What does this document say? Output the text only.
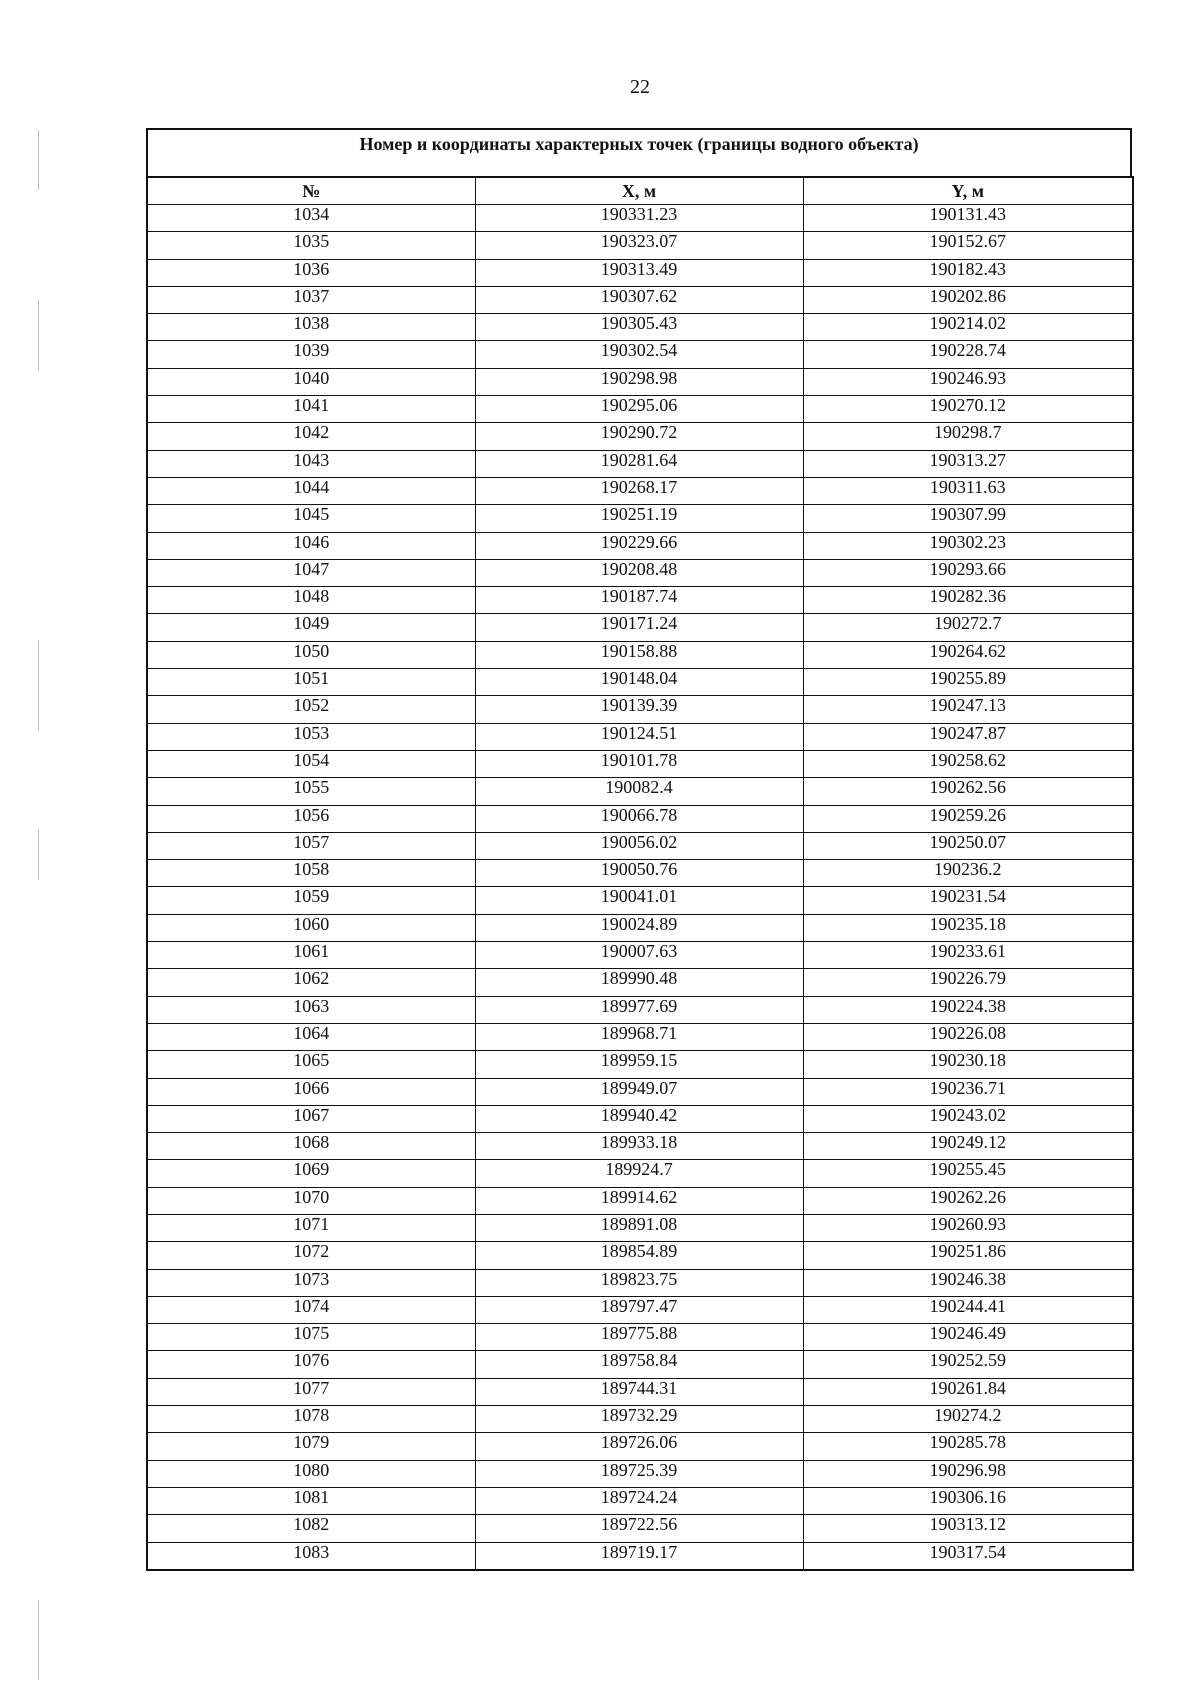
22
Номер и координаты характерных точек (границы водного объекта)
№	X, м	Y, м
1034	190331.23	190131.43
1035	190323.07	190152.67
1036	190313.49	190182.43
1037	190307.62	190202.86
1038	190305.43	190214.02
1039	190302.54	190228.74
1040	190298.98	190246.93
1041	190295.06	190270.12
1042	190290.72	190298.7
1043	190281.64	190313.27
1044	190268.17	190311.63
1045	190251.19	190307.99
1046	190229.66	190302.23
1047	190208.48	190293.66
1048	190187.74	190282.36
1049	190171.24	190272.7
1050	190158.88	190264.62
1051	190148.04	190255.89
1052	190139.39	190247.13
1053	190124.51	190247.87
1054	190101.78	190258.62
1055	190082.4	190262.56
1056	190066.78	190259.26
1057	190056.02	190250.07
1058	190050.76	190236.2
1059	190041.01	190231.54
1060	190024.89	190235.18
1061	190007.63	190233.61
1062	189990.48	190226.79
1063	189977.69	190224.38
1064	189968.71	190226.08
1065	189959.15	190230.18
1066	189949.07	190236.71
1067	189940.42	190243.02
1068	189933.18	190249.12
1069	189924.7	190255.45
1070	189914.62	190262.26
1071	189891.08	190260.93
1072	189854.89	190251.86
1073	189823.75	190246.38
1074	189797.47	190244.41
1075	189775.88	190246.49
1076	189758.84	190252.59
1077	189744.31	190261.84
1078	189732.29	190274.2
1079	189726.06	190285.78
1080	189725.39	190296.98
1081	189724.24	190306.16
1082	189722.56	190313.12
1083	189719.17	190317.54
